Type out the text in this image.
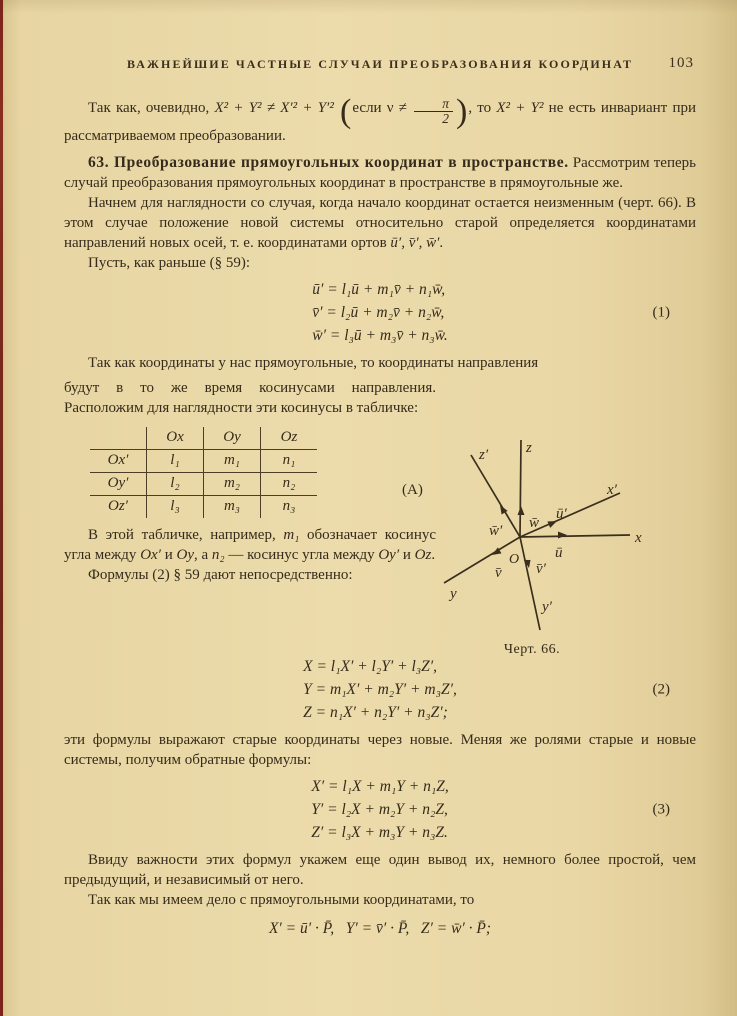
ВАЖНЕЙШИЕ ЧАСТНЫЕ СЛУЧАИ ПРЕОБРАЗОВАНИЯ КООРДИНАТ 103

Так как, очевидно, X² + Y² ≠ X′² + Y′² (если $\nu \ne \frac{\pi}{2}$ ), то X² + Y² не есть инвариант при рассматриваемом преобразовании.

63. Преобразование прямоугольных координат в пространстве. Рассмотрим теперь случай преобразования прямоугольных координат в пространстве в прямоугольные же.

Начнем для наглядности со случая, когда начало координат остается неизменным (черт. 66). В этом случае положение новой системы относительно старой определяется координатами направлений новых осей, т. е. координатами ортов ū′, v̄′, w̄′.

Пусть, как раньше (§ 59):

ū′ = l₁ū + m₁v̄ + n₁w̄,
v̄′ = l₂ū + m₂v̄ + n₂w̄,
w̄′ = l₃ū + m₃v̄ + n₃w̄.
(1)

Так как координаты у нас прямоугольные, то координаты направления

будут в то же время косинусами направления. Расположим для наглядности эти косинусы в табличке:

	Ox	Oy	Oz
Ox′	l₁	m₁	n₁
Oy′	l₂	m₂	n₂
Oz′	l₃	m₃	n₃

В этой табличке, например, m₁ обозначает косинус угла между Ox′ и Oy, а n₂ — косинус угла между Oy′ и Oz.

Формулы (2) § 59 дают непосредственно:

(A)
X = l₁X′ + l₂Y′ + l₃Z′,
Y = m₁X′ + m₂Y′ + m₃Z′,
Z = n₁X′ + n₂Y′ + n₃Z′;
(2)

эти формулы выражают старые координаты через новые. Меняя же ролями старые и новые системы, получим обратные формулы:

X′ = l₁X + m₁Y + n₁Z,
Y′ = l₂X + m₂Y + n₂Z,
Z′ = l₃X + m₃Y + n₃Z.
(3)

Ввиду важности этих формул укажем еще один вывод их, немного более простой, чем предыдущий, и независимый от него.

Так как мы имеем дело с прямоугольными координатами, то

X′ = ū′ · P̄,   Y′ = v̄′ · P̄,   Z′ = w̄′ · P̄;
z′	z
x′
x
y
y′
w̄
w̄′
ū′
ū
v̄ v̄′
O
Черт. 66.
